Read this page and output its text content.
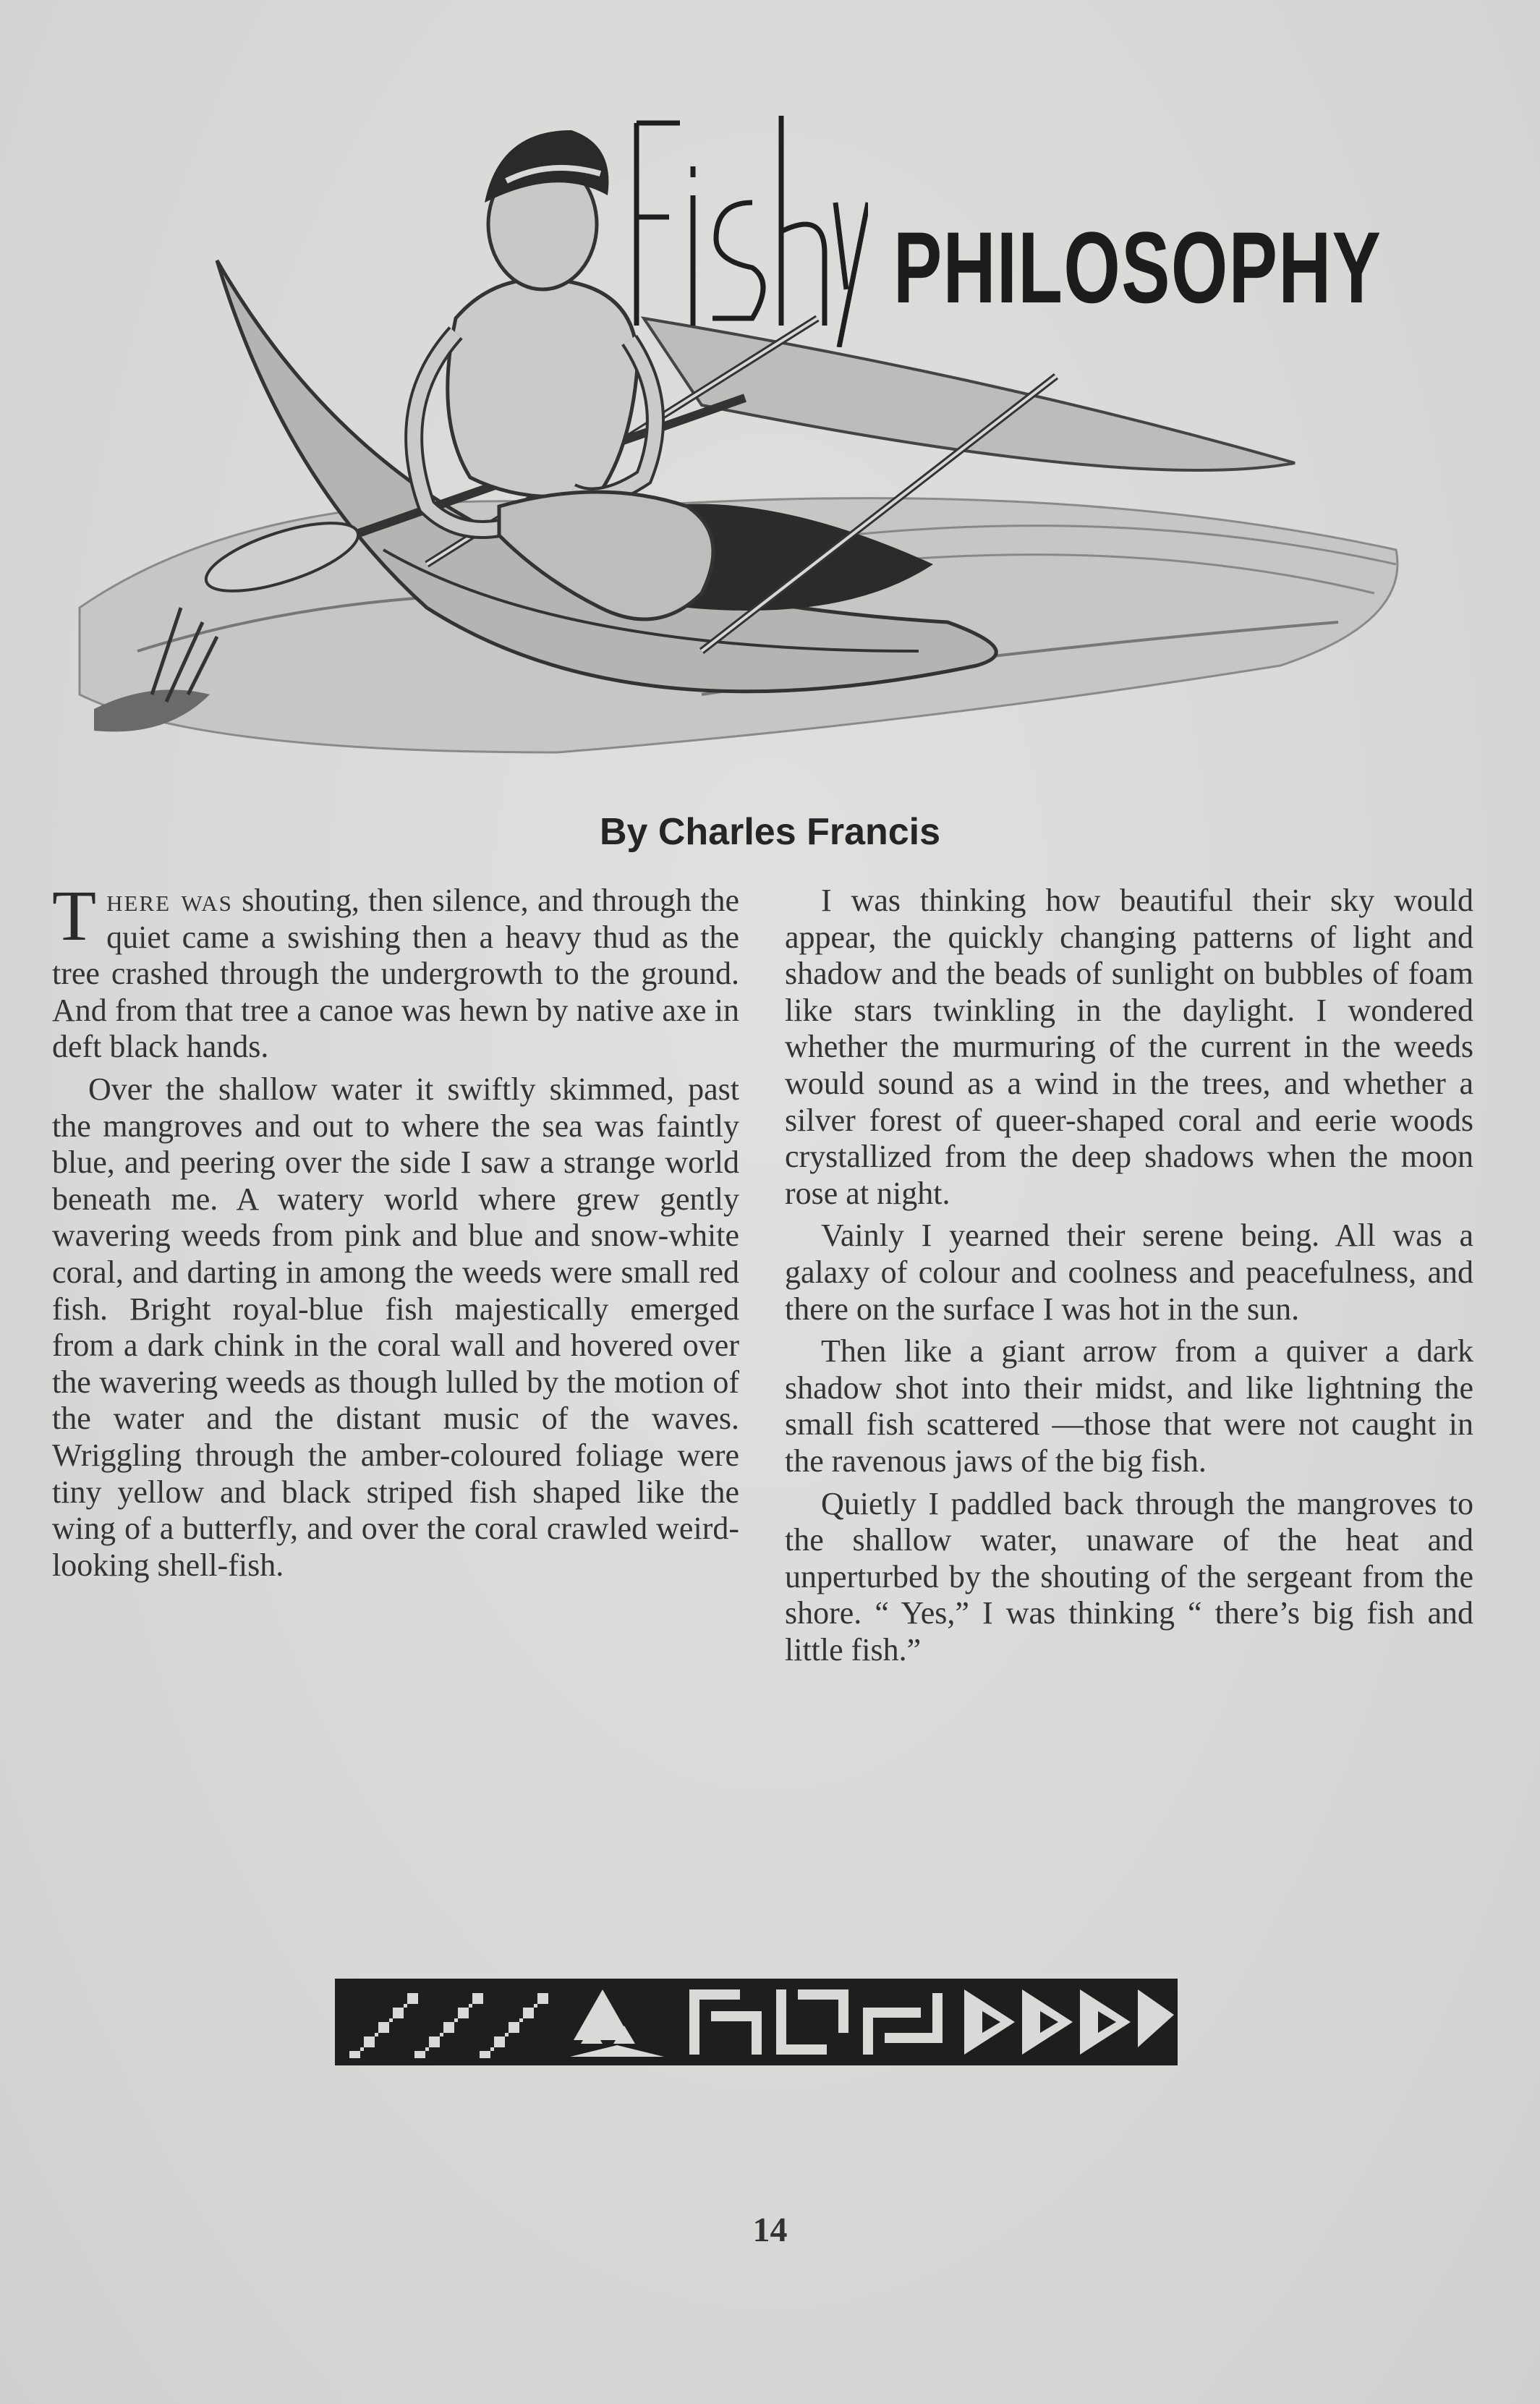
Fishy
PHILOSOPHY
By Charles Francis

There was shouting, then silence, and through the quiet came a swishing then a heavy thud as the tree crashed through the undergrowth to the ground. And from that tree a canoe was hewn by native axe in deft black hands.

Over the shallow water it swiftly skimmed, past the mangroves and out to where the sea was faintly blue, and peering over the side I saw a strange world beneath me. A watery world where grew gently wavering weeds from pink and blue and snow-white coral, and darting in among the weeds were small red fish. Bright royal-blue fish majestically emerged from a dark chink in the coral wall and hovered over the wavering weeds as though lulled by the motion of the water and the distant music of the waves. Wriggling through the amber-coloured foliage were tiny yellow and black striped fish shaped like the wing of a butterfly, and over the coral crawled weird-looking shell-fish.

I was thinking how beautiful their sky would appear, the quickly changing patterns of light and shadow and the beads of sunlight on bubbles of foam like stars twinkling in the daylight. I wondered whether the murmuring of the current in the weeds would sound as a wind in the trees, and whether a silver forest of queer-shaped coral and eerie woods crystallized from the deep shadows when the moon rose at night.

Vainly I yearned their serene being. All was a galaxy of colour and coolness and peacefulness, and there on the surface I was hot in the sun.

Then like a giant arrow from a quiver a dark shadow shot into their midst, and like lightning the small fish scattered —those that were not caught in the ravenous jaws of the big fish.

Quietly I paddled back through the mangroves to the shallow water, unaware of the heat and unperturbed by the shouting of the sergeant from the shore. “ Yes,” I was thinking “ there’s big fish and little fish.”

14
